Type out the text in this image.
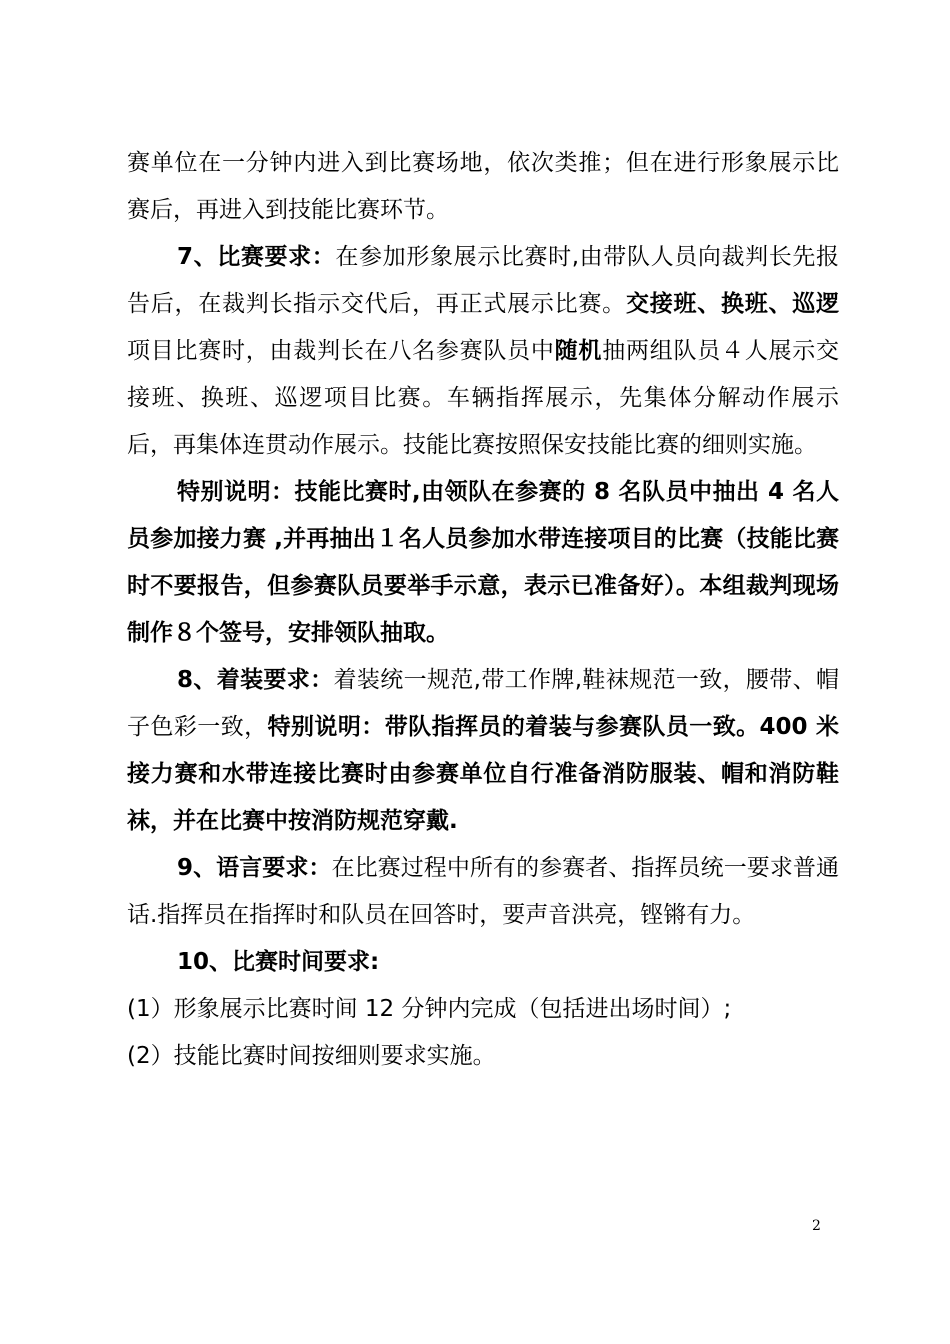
赛单位在一分钟内进入到比赛场地，依次类推；但在进行形象展示比赛后，再进入到技能比赛环节。

7、比赛要求：在参加形象展示比赛时,由带队人员向裁判长先报告后，在裁判长指示交代后，再正式展示比赛。交接班、换班、巡逻项目比赛时，由裁判长在八名参赛队员中随机抽两组队员４人展示交接班、换班、巡逻项目比赛。车辆指挥展示，先集体分解动作展示后，再集体连贯动作展示。技能比赛按照保安技能比赛的细则实施。

特别说明：技能比赛时,由领队在参赛的 8 名队员中抽出 4 名人员参加接力赛 ,并再抽出１名人员参加水带连接项目的比赛（技能比赛时不要报告，但参赛队员要举手示意，表示已准备好）。本组裁判现场制作８个签号，安排领队抽取。

8、着装要求：着装统一规范,带工作牌,鞋袜规范一致，腰带、帽子色彩一致，特别说明：带队指挥员的着装与参赛队员一致。400 米接力赛和水带连接比赛时由参赛单位自行准备消防服装、帽和消防鞋袜，并在比赛中按消防规范穿戴.

9、语言要求：在比赛过程中所有的参赛者、指挥员统一要求普通话.指挥员在指挥时和队员在回答时，要声音洪亮，铿锵有力。

10、比赛时间要求:

(1）形象展示比赛时间 12 分钟内完成（包括进出场时间）;

(2）技能比赛时间按细则要求实施。

2
